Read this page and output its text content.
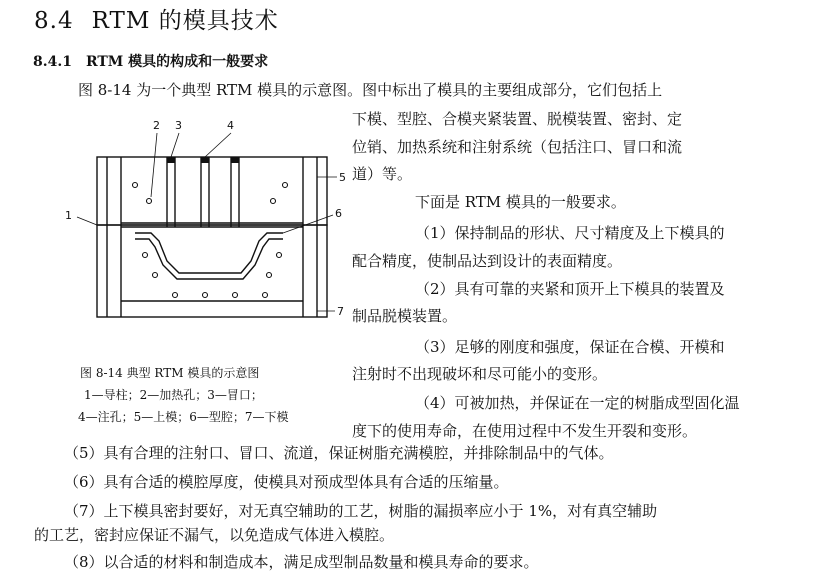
8.4 RTM 的模具技术
8.4.1 RTM 模具的构成和一般要求
图 8-14 为一个典型 RTM 模具的示意图。图中标出了模具的主要组成部分，它们包括上
下模、型腔、合模夹紧装置、脱模装置、密封、定
位销、加热系统和注射系统（包括注口、冒口和流
道）等。
下面是 RTM 模具的一般要求。
（1）保持制品的形状、尺寸精度及上下模具的
配合精度，使制品达到设计的表面精度。
（2）具有可靠的夹紧和顶开上下模具的装置及
制品脱模装置。
（3）足够的刚度和强度，保证在合模、开模和
注射时不出现破坏和尽可能小的变形。
（4）可被加热，并保证在一定的树脂成型固化温
度下的使用寿命，在使用过程中不发生开裂和变形。
（5）具有合理的注射口、冒口、流道，保证树脂充满模腔，并排除制品中的气体。
（6）具有合适的模腔厚度，使模具对预成型体具有合适的压缩量。
（7）上下模具密封要好，对无真空辅助的工艺，树脂的漏损率应小于 1%，对有真空辅助
的工艺，密封应保证不漏气，以免造成气体进入模腔。
（8）以合适的材料和制造成本，满足成型制品数量和模具寿命的要求。
1
2 3	4
5
6
7
图 8-14 典型 RTM 模具的示意图
1—导柱；2—加热孔；3—冒口；
4—注孔；5—上模；6—型腔；7—下模
